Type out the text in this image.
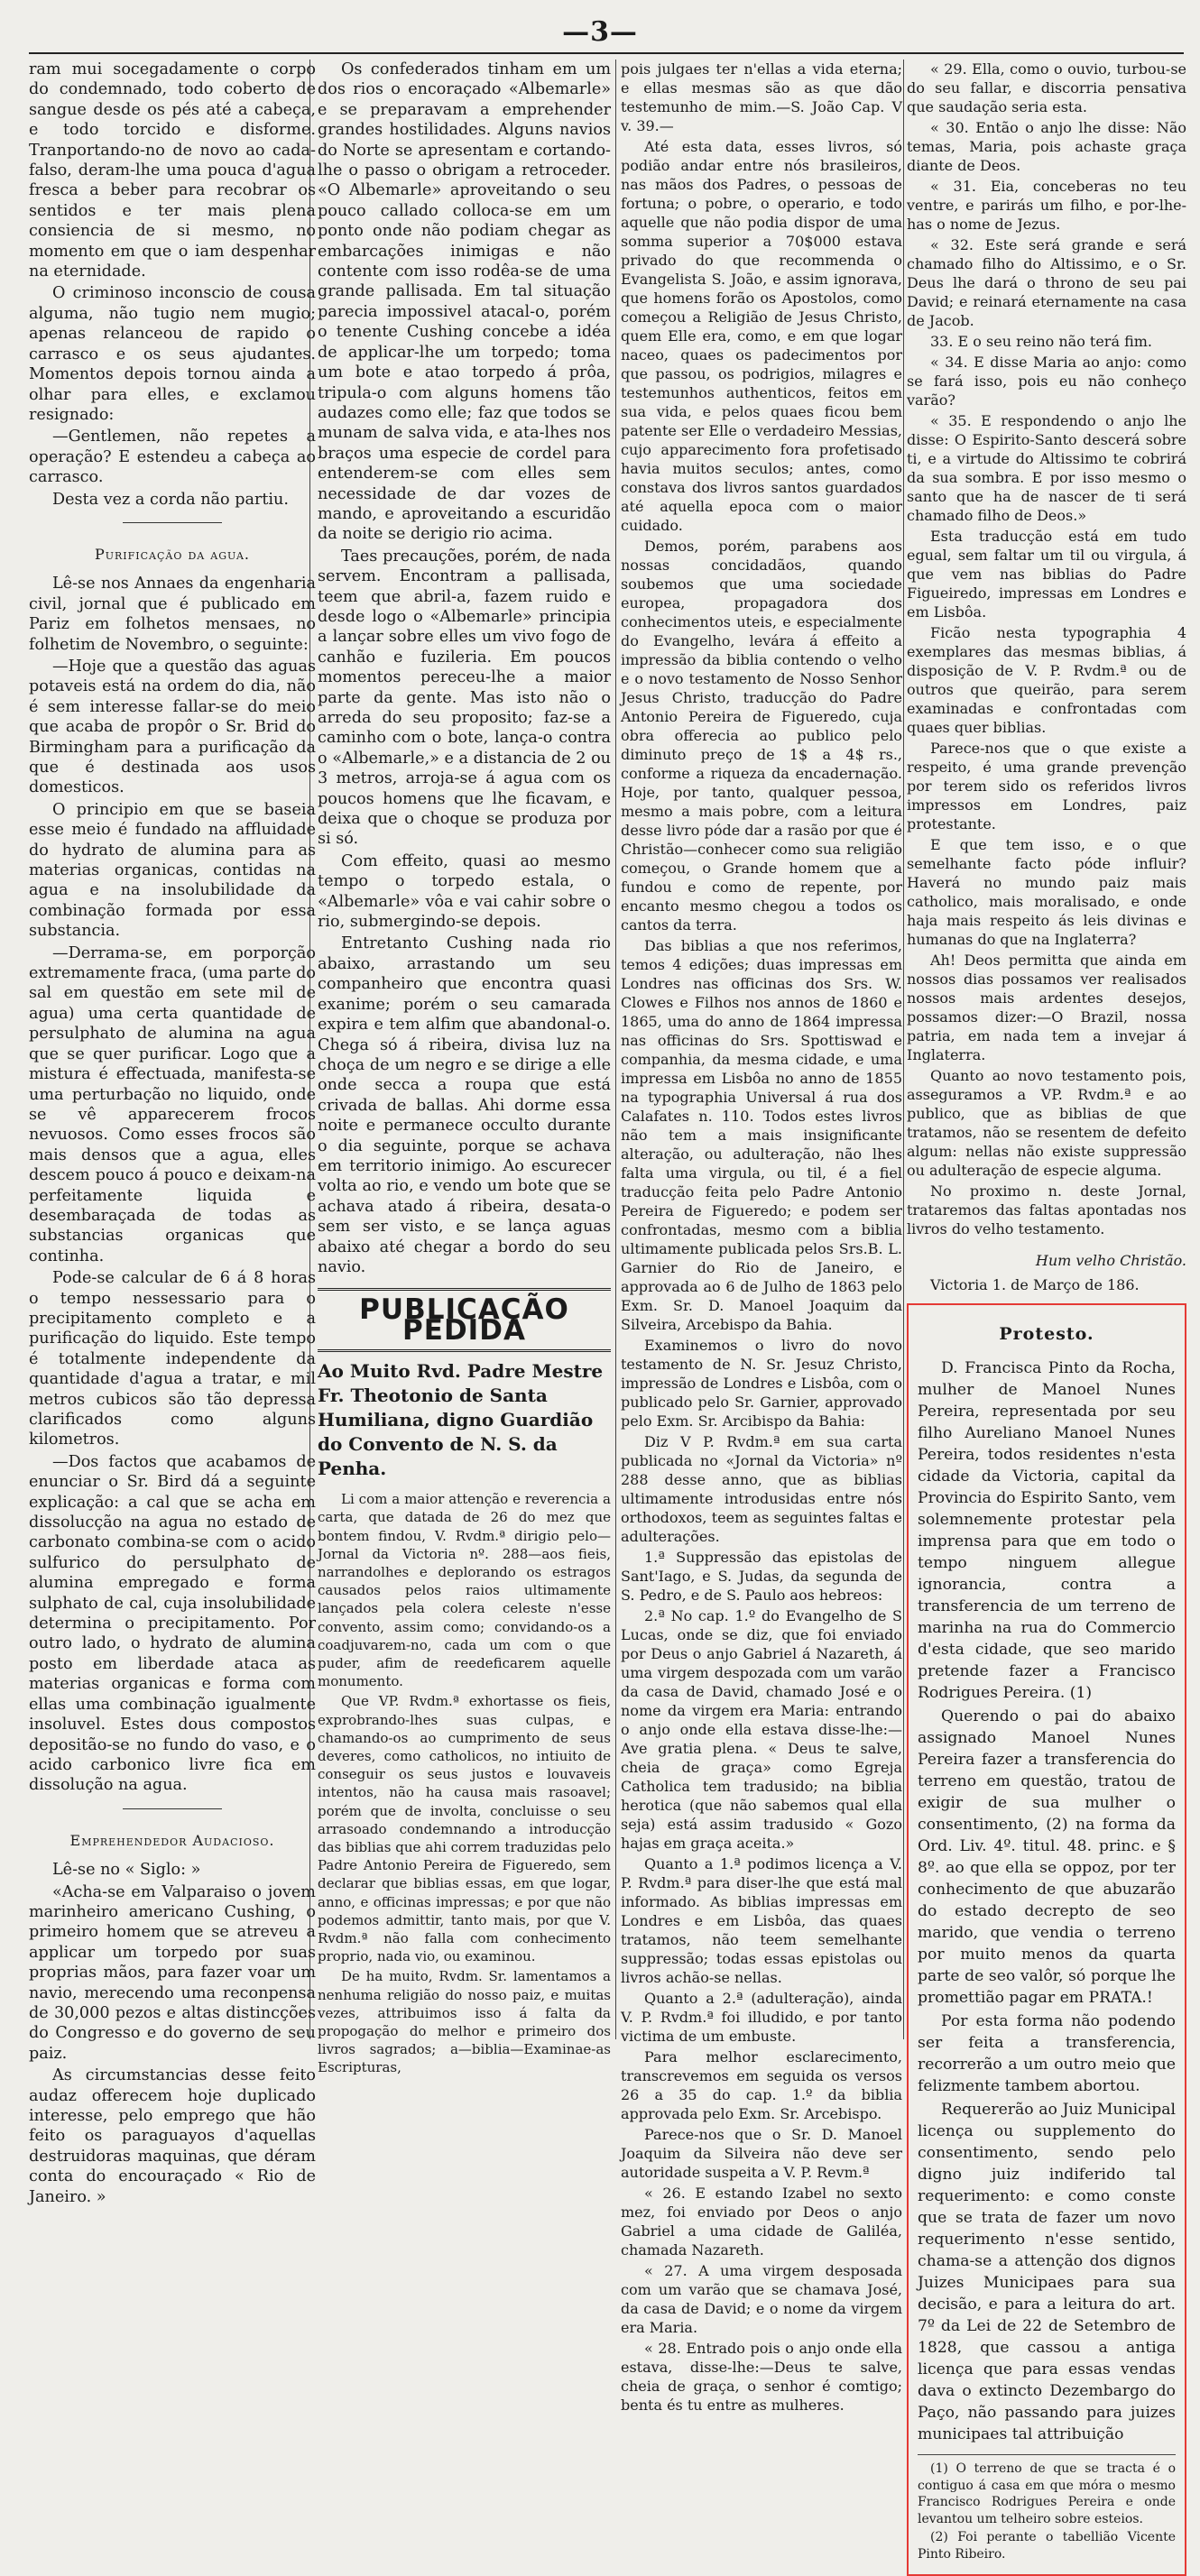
—3—

ram mui socegadamente o corpo do condemnado, todo coberto de sangue desde os pés até a cabeça, e todo torcido e disforme. Tranportando-no de novo ao cada-falso, deram-lhe uma pouca d'agua fresca a beber para recobrar os sentidos e ter mais plena consiencia de si mesmo, no momento em que o iam despenhar na eternidade.

O criminoso inconscio de cousa alguma, não tugio nem mugio; apenas relanceou de rapido o carrasco e os seus ajudantes. Momentos depois tornou ainda a olhar para elles, e exclamou resignado:

—Gentlemen, não repetes a operação? E estendeu a cabeça ao carrasco.

Desta vez a corda não partiu.

Purificação da agua.

Lê-se nos Annaes da engenharia civil, jornal que é publicado em Pariz em folhetos mensaes, no folhetim de Novembro, o seguinte:

—Hoje que a questão das aguas potaveis está na ordem do dia, não é sem interesse fallar-se do meio que acaba de propôr o Sr. Brid do Birmingham para a purificação da que é destinada aos usos domesticos.

O principio em que se baseia esse meio é fundado na affluidade do hydrato de alumina para as materias organicas, contidas na agua e na insolubilidade da combinação formada por essa substancia.

—Derrama-se, em porporção extremamente fraca, (uma parte do sal em questão em sete mil de agua) uma certa quantidade de persulphato de alumina na agua que se quer purificar. Logo que a mistura é effectuada, manifesta-se uma perturbação no liquido, onde se vê apparecerem frocos nevuosos. Como esses frocos são mais densos que a agua, elles descem pouco á pouco e deixam-na perfeitamente liquida e desembaraçada de todas as substancias organicas que continha.

Pode-se calcular de 6 á 8 horas o tempo nessessario para o precipitamento completo e a purificação do liquido. Este tempo é totalmente independente da quantidade d'agua a tratar, e mil metros cubicos são tão depressa clarificados como alguns kilometros.

—Dos factos que acabamos de enunciar o Sr. Bird dá a seguinte explicação: a cal que se acha em dissolucção na agua no estado de carbonato combina-se com o acido sulfurico do persulphato de alumina empregado e forma sulphato de cal, cuja insolubilidade determina o precipitamento. Por outro lado, o hydrato de alumina posto em liberdade ataca as materias organicas e forma com ellas uma combinação igualmente insoluvel. Estes dous compostos depositão-se no fundo do vaso, e o acido carbonico livre fica em dissolução na agua.

Emprehendedor Audacioso.

Lê-se no « Siglo: »

«Acha-se em Valparaiso o jovem marinheiro americano Cushing, o primeiro homem que se atreveu a applicar um torpedo por suas proprias mãos, para fazer voar um navio, merecendo uma reconpensa de 30,000 pezos e altas distincções do Congresso e do governo de seu paiz.

As circumstancias desse feito audaz offerecem hoje duplicado interesse, pelo emprego que hão feito os paraguayos d'aquellas destruidoras maquinas, que déram conta do encouraçado « Rio de Janeiro. »

Os confederados tinham em um dos rios o encoraçado «Albemarle» e se preparavam a emprehender grandes hostilidades. Alguns navios do Norte se apresentam e cortando-lhe o passo o obrigam a retroceder. «O Albemarle» aproveitando o seu pouco callado colloca-se em um ponto onde não podiam chegar as embarcações inimigas e não contente com isso rodêa-se de uma grande pallisada. Em tal situação parecia impossivel atacal-o, porém o tenente Cushing concebe a idéa de applicar-lhe um torpedo; toma um bote e atao torpedo á prôa, tripula-o com alguns homens tão audazes como elle; faz que todos se munam de salva vida, e ata-lhes nos braços uma especie de cordel para entenderem-se com elles sem necessidade de dar vozes de mando, e aproveitando a escuridão da noite se derigio rio acima.

Taes precauções, porém, de nada servem. Encontram a pallisada, teem que abril-a, fazem ruido e desde logo o «Albemarle» principia a lançar sobre elles um vivo fogo de canhão e fuzileria. Em poucos momentos pereceu-lhe a maior parte da gente. Mas isto não o arreda do seu proposito; faz-se a caminho com o bote, lança-o contra o «Albemarle,» e a distancia de 2 ou 3 metros, arroja-se á agua com os poucos homens que lhe ficavam, e deixa que o choque se produza por si só.

Com effeito, quasi ao mesmo tempo o torpedo estala, o «Albemarle» vôa e vai cahir sobre o rio, submergindo-se depois.

Entretanto Cushing nada rio abaixo, arrastando um seu companheiro que encontra quasi exanime; porém o seu camarada expira e tem alfim que abandonal-o. Chega só á ribeira, divisa luz na choça de um negro e se dirige a elle onde secca a roupa que está crivada de ballas. Ahi dorme essa noite e permanece occulto durante o dia seguinte, porque se achava em territorio inimigo. Ao escurecer volta ao rio, e vendo um bote que se achava atado á ribeira, desata-o sem ser visto, e se lança aguas abaixo até chegar a bordo do seu navio.

PUBLICAÇÃO PEDIDA

Ao Muito Rvd. Padre Mestre Fr. Theotonio de Santa Humiliana, digno Guardião do Convento de N. S. da Penha.

Li com a maior attenção e reverencia a carta, que datada de 26 do mez que bontem findou, V. Rvdm.ª dirigio pelo—Jornal da Victoria nº. 288—aos fieis, narrandolhes e deplorando os estragos causados pelos raios ultimamente lançados pela colera celeste n'esse convento, assim como; convidando-os a coadjuvarem-no, cada um com o que puder, afim de reedeficarem aquelle monumento.

Que VP. Rvdm.ª exhortasse os fieis, exprobrando-lhes suas culpas, e chamando-os ao cumprimento de seus deveres, como catholicos, no intiuito de conseguir os seus justos e louvaveis intentos, não ha causa mais rasoavel; porém que de involta, concluisse o seu arrasoado condemnando a introducção das biblias que ahi correm traduzidas pelo Padre Antonio Pereira de Figueredo, sem declarar que biblias essas, em que logar, anno, e officinas impressas; e por que não podemos admittir, tanto mais, por que V. Rvdm.ª não falla com conhecimento proprio, nada vio, ou examinou.

De ha muito, Rvdm. Sr. lamentamos a nenhuma religião do nosso paiz, e muitas vezes, attribuimos isso á falta da propogação do melhor e primeiro dos livros sagrados; a—biblia—Examinae-as Escripturas,

pois julgaes ter n'ellas a vida eterna; e ellas mesmas são as que dão testemunho de mim.—S. João Cap. V v. 39.—

Até esta data, esses livros, só podião andar entre nós brasileiros, nas mãos dos Padres, o pessoas de fortuna; o pobre, o operario, e todo aquelle que não podia dispor de uma somma superior a 70$000 estava privado do que recommenda o Evangelista S. João, e assim ignorava, que homens forão os Apostolos, como começou a Religião de Jesus Christo, quem Elle era, como, e em que logar naceo, quaes os padecimentos por que passou, os podrigios, milagres e testemunhos authenticos, feitos em sua vida, e pelos quaes ficou bem patente ser Elle o verdadeiro Messias, cujo apparecimento fora profetisado havia muitos seculos; antes, como constava dos livros santos guardados até aquella epoca com o maior cuidado.

Demos, porém, parabens aos nossas concidadãos, quando soubemos que uma sociedade europea, propagadora dos conhecimentos uteis, e especialmente do Evangelho, levára á effeito a impressão da biblia contendo o velho e o novo testamento de Nosso Senhor Jesus Christo, traducção do Padre Antonio Pereira de Figueredo, cuja obra offerecia ao publico pelo diminuto preço de 1$ a 4$ rs., conforme a riqueza da encadernação. Hoje, por tanto, qualquer pessoa, mesmo a mais pobre, com a leitura desse livro póde dar a rasão por que é Christão—conhecer como sua religião começou, o Grande homem que a fundou e como de repente, por encanto mesmo chegou a todos os cantos da terra.

Das biblias a que nos referimos, temos 4 edições; duas impressas em Londres nas officinas dos Srs. W. Clowes e Filhos nos annos de 1860 e 1865, uma do anno de 1864 impressa nas officinas do Srs. Spottiswad e companhia, da mesma cidade, e uma impressa em Lisbôa no anno de 1855 na typographia Universal á rua dos Calafates n. 110. Todos estes livros não tem a mais insignificante alteração, ou adulteração, não lhes falta uma virgula, ou til, é a fiel traducção feita pelo Padre Antonio Pereira de Figueredo; e podem ser confrontadas, mesmo com a biblia ultimamente publicada pelos Srs.B. L. Garnier do Rio de Janeiro, e approvada ao 6 de Julho de 1863 pelo Exm. Sr. D. Manoel Joaquim da Silveira, Arcebispo da Bahia.

Examinemos o livro do novo testamento de N. Sr. Jesuz Christo, impressão de Londres e Lisbôa, com o publicado pelo Sr. Garnier, approvado pelo Exm. Sr. Arcibispo da Bahia:

Diz V P. Rvdm.ª em sua carta publicada no «Jornal da Victoria» nº 288 desse anno, que as biblias ultimamente introdusidas entre nós orthodoxos, teem as seguintes faltas e adulterações.

1.ª Suppressão das epistolas de Sant'Iago, e S. Judas, da segunda de S. Pedro, e de S. Paulo aos hebreos:

2.ª No cap. 1.º do Evangelho de S Lucas, onde se diz, que foi enviado por Deus o anjo Gabriel á Nazareth, á uma virgem despozada com um varão da casa de David, chamado José e o nome da virgem era Maria: entrando o anjo onde ella estava disse-lhe:—Ave gratia plena. « Deus te salve, cheia de graça» como Egreja Catholica tem tradusido; na biblia herotica (que não sabemos qual ella seja) está assim tradusido « Gozo hajas em graça aceita.»

Quanto a 1.ª podimos licença a V. P. Rvdm.ª para diser-lhe que está mal informado. As biblias impressas em Londres e em Lisbôa, das quaes tratamos, não teem semelhante suppressão; todas essas epistolas ou livros achão-se nellas.

Quanto a 2.ª (adulteração), ainda V. P. Rvdm.ª foi illudido, e por tanto victima de um embuste.

Para melhor esclarecimento, transcrevemos em seguida os versos 26 a 35 do cap. 1.º da biblia approvada pelo Exm. Sr. Arcebispo.

Parece-nos que o Sr. D. Manoel Joaquim da Silveira não deve ser autoridade suspeita a V. P. Revm.ª

« 26. E estando Izabel no sexto mez, foi enviado por Deos o anjo Gabriel a uma cidade de Galiléa, chamada Nazareth.

« 27. A uma virgem desposada com um varão que se chamava José, da casa de David; e o nome da virgem era Maria.

« 28. Entrado pois o anjo onde ella estava, disse-lhe:—Deus te salve, cheia de graça, o senhor é comtigo; benta és tu entre as mulheres.

« 29. Ella, como o ouvio, turbou-se do seu fallar, e discorria pensativa que saudação seria esta.

« 30. Então o anjo lhe disse: Não temas, Maria, pois achaste graça diante de Deos.

« 31. Eia, conceberas no teu ventre, e parirás um filho, e por-lhe-has o nome de Jezus.

« 32. Este será grande e será chamado filho do Altissimo, e o Sr. Deus lhe dará o throno de seu pai David; e reinará eternamente na casa de Jacob.

33. E o seu reino não terá fim.

« 34. E disse Maria ao anjo: como se fará isso, pois eu não conheço varão?

« 35. E respondendo o anjo lhe disse: O Espirito-Santo descerá sobre ti, e a virtude do Altissimo te cobrirá da sua sombra. E por isso mesmo o santo que ha de nascer de ti será chamado filho de Deos.»

Esta traducção está em tudo egual, sem faltar um til ou virgula, á que vem nas biblias do Padre Figueiredo, impressas em Londres e em Lisbôa.

Ficão nesta typographia 4 exemplares das mesmas biblias, á disposição de V. P. Rvdm.ª ou de outros que queirão, para serem examinadas e confrontadas com quaes quer biblias.

Parece-nos que o que existe a respeito, é uma grande prevenção por terem sido os referidos livros impressos em Londres, paiz protestante.

E que tem isso, e o que semelhante facto póde influir? Haverá no mundo paiz mais catholico, mais moralisado, e onde haja mais respeito ás leis divinas e humanas do que na Inglaterra?

Ah! Deos permitta que ainda em nossos dias possamos ver realisados nossos mais ardentes desejos, possamos dizer:—O Brazil, nossa patria, em nada tem a invejar á Inglaterra.

Quanto ao novo testamento pois, asseguramos a VP. Rvdm.ª e ao publico, que as biblias de que tratamos, não se resentem de defeito algum: nellas não existe suppressão ou adulteração de especie alguma.

No proximo n. deste Jornal, trataremos das faltas apontadas nos livros do velho testamento.

Hum velho Christão.

Victoria 1. de Março de 186.

Protesto.

D. Francisca Pinto da Rocha, mulher de Manoel Nunes Pereira, representada por seu filho Aureliano Manoel Nunes Pereira, todos residentes n'esta cidade da Victoria, capital da Provincia do Espirito Santo, vem solemnemente protestar pela imprensa para que em todo o tempo ninguem allegue ignorancia, contra a transferencia de um terreno de marinha na rua do Commercio d'esta cidade, que seo marido pretende fazer a Francisco Rodrigues Pereira. (1)

Querendo o pai do abaixo assignado Manoel Nunes Pereira fazer a transferencia do terreno em questão, tratou de exigir de sua mulher o consentimento, (2) na forma da Ord. Liv. 4º. titul. 48. princ. e § 8º. ao que ella se oppoz, por ter conhecimento de que abuzarão do estado decrepto de seo marido, que vendia o terreno por muito menos da quarta parte de seo valôr, só porque lhe promettião pagar em PRATA.!

Por esta forma não podendo ser feita a transferencia, recorrerão a um outro meio que felizmente tambem abortou.

Requererão ao Juiz Municipal licença ou supplemento do consentimento, sendo pelo digno juiz indiferido tal requerimento: e como conste que se trata de fazer um novo requerimento n'esse sentido, chama-se a attenção dos dignos Juizes Municipaes para sua decisão, e para a leitura do art. 7º da Lei de 22 de Setembro de 1828, que cassou a antiga licença que para essas vendas dava o extincto Dezembargo do Paço, não passando para juizes municipaes tal attribuição

(1) O terreno de que se tracta é o contiguo á casa em que móra o mesmo Francisco Rodrigues Pereira e onde levantou um telheiro sobre esteios.

(2) Foi perante o tabellião Vicente Pinto Ribeiro.
